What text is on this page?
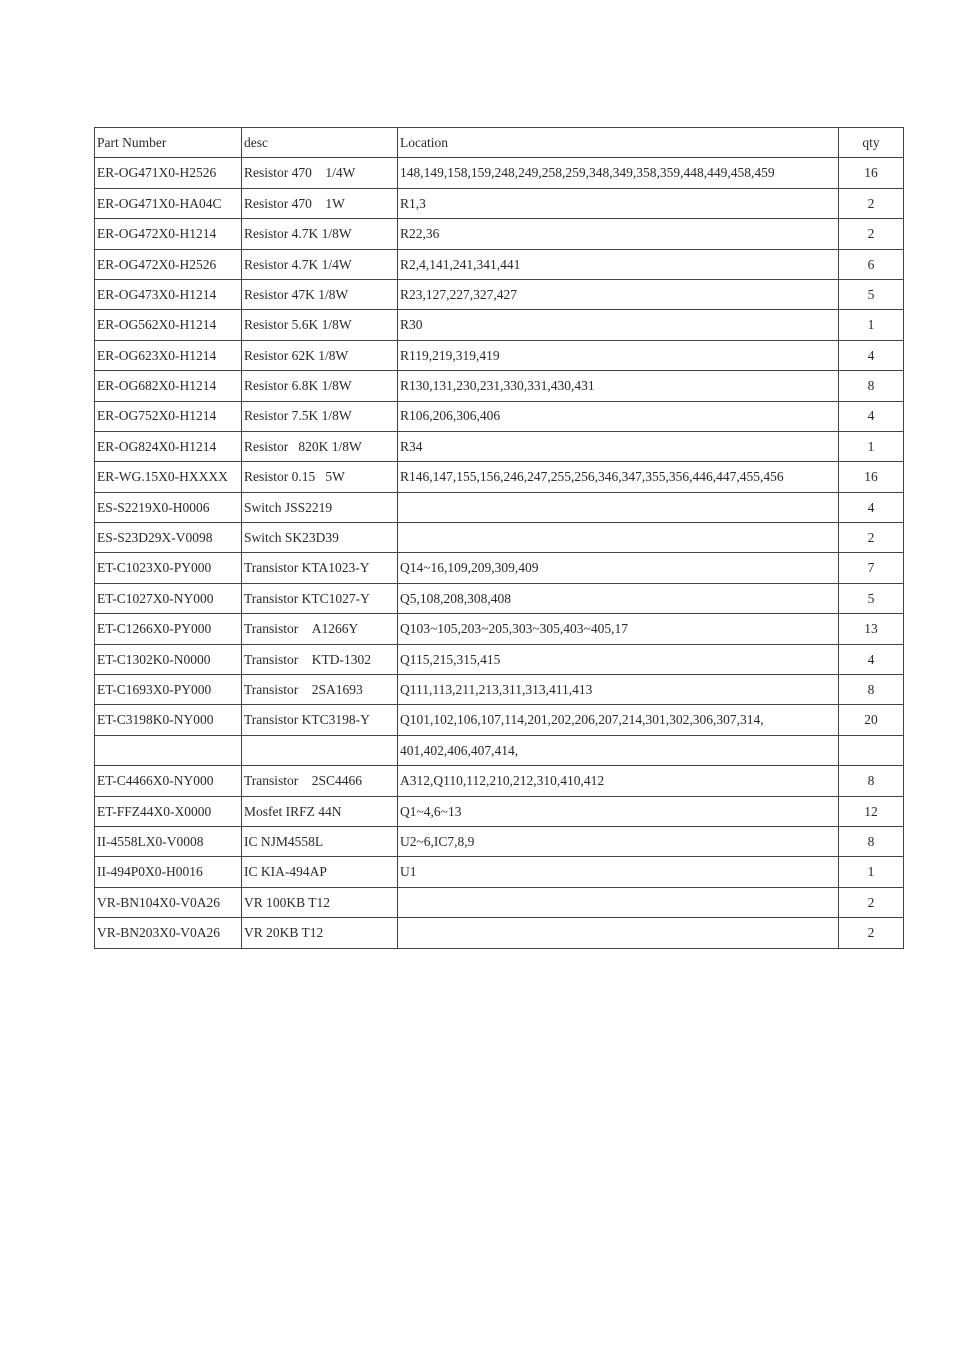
Part Number	desc	Location	qty
ER-OG471X0-H2526	Resistor 470    1/4W	148,149,158,159,248,249,258,259,348,349,358,359,448,449,458,459	16
ER-OG471X0-HA04C	Resistor 470    1W	R1,3	2
ER-OG472X0-H1214	Resistor 4.7K 1/8W	R22,36	2
ER-OG472X0-H2526	Resistor 4.7K 1/4W	R2,4,141,241,341,441	6
ER-OG473X0-H1214	Resistor 47K 1/8W	R23,127,227,327,427	5
ER-OG562X0-H1214	Resistor 5.6K 1/8W	R30	1
ER-OG623X0-H1214	Resistor 62K 1/8W	R119,219,319,419	4
ER-OG682X0-H1214	Resistor 6.8K 1/8W	R130,131,230,231,330,331,430,431	8
ER-OG752X0-H1214	Resistor 7.5K 1/8W	R106,206,306,406	4
ER-OG824X0-H1214	Resistor   820K 1/8W	R34	1
ER-WG.15X0-HXXXX	Resistor 0.15   5W	R146,147,155,156,246,247,255,256,346,347,355,356,446,447,455,456	16
ES-S2219X0-H0006	Switch JSS2219		4
ES-S23D29X-V0098	Switch SK23D39		2
ET-C1023X0-PY000	Transistor KTA1023-Y	Q14~16,109,209,309,409	7
ET-C1027X0-NY000	Transistor KTC1027-Y	Q5,108,208,308,408	5
ET-C1266X0-PY000	Transistor    A1266Y	Q103~105,203~205,303~305,403~405,17	13
ET-C1302K0-N0000	Transistor    KTD-1302	Q115,215,315,415	4
ET-C1693X0-PY000	Transistor    2SA1693	Q111,113,211,213,311,313,411,413	8
ET-C3198K0-NY000	Transistor KTC3198-Y	Q101,102,106,107,114,201,202,206,207,214,301,302,306,307,314,	20
		401,402,406,407,414,	
ET-C4466X0-NY000	Transistor    2SC4466	A312,Q110,112,210,212,310,410,412	8
ET-FFZ44X0-X0000	Mosfet IRFZ 44N	Q1~4,6~13	12
II-4558LX0-V0008	IC NJM4558L	U2~6,IC7,8,9	8
II-494P0X0-H0016	IC KIA-494AP	U1	1
VR-BN104X0-V0A26	VR 100KB T12		2
VR-BN203X0-V0A26	VR 20KB T12		2
